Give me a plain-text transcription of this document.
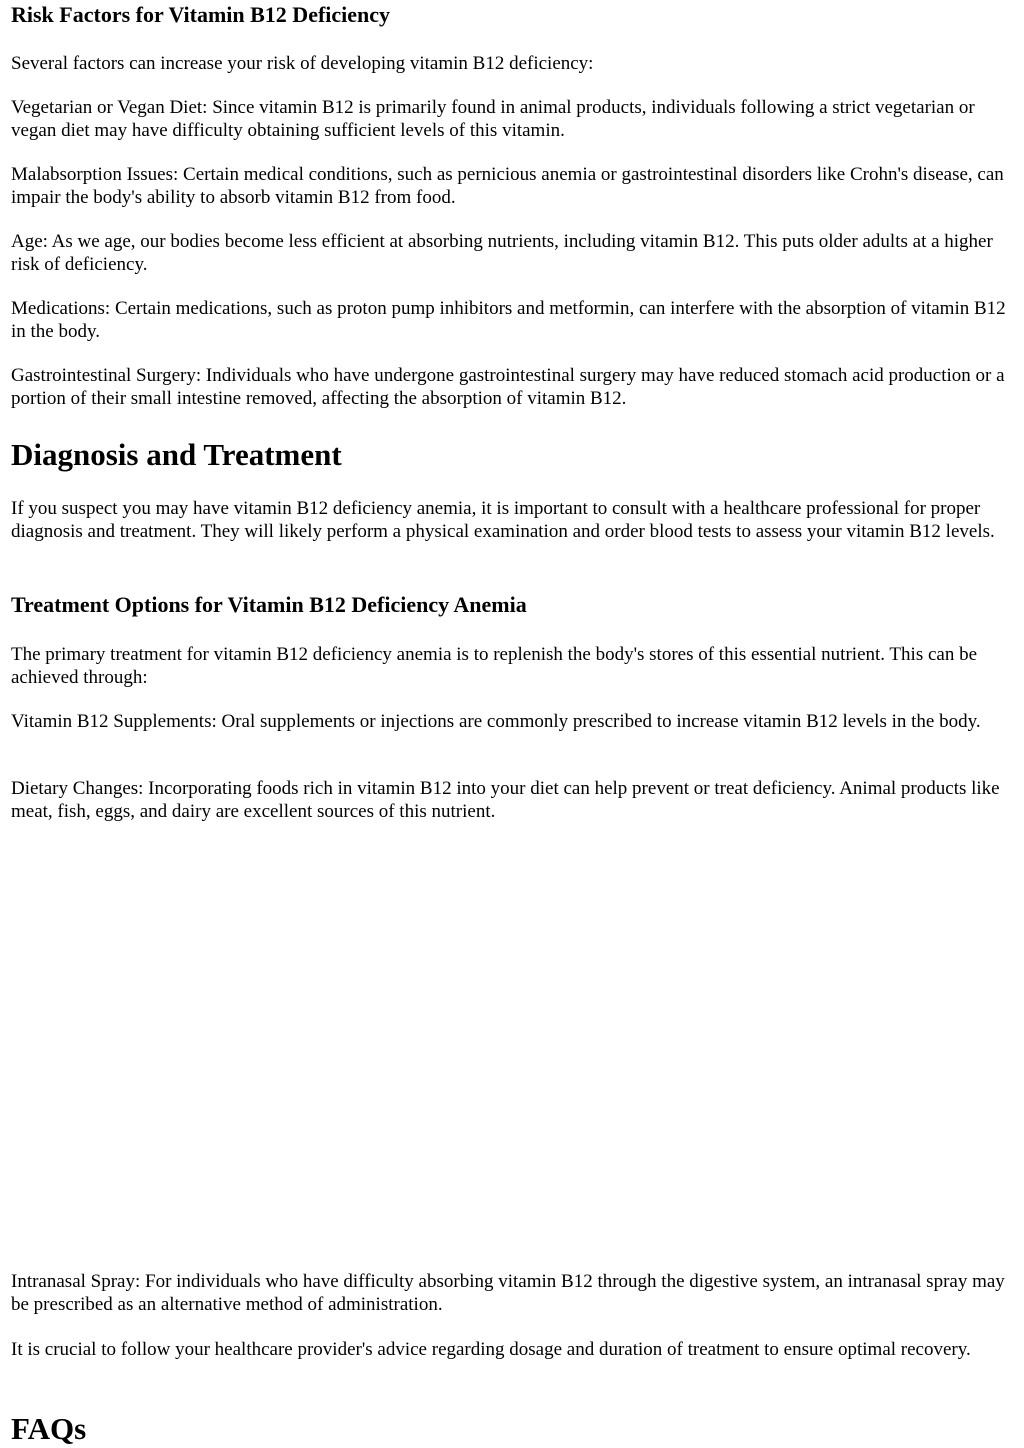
Risk Factors for Vitamin B12 Deficiency

Several factors can increase your risk of developing vitamin B12 deficiency:

Vegetarian or Vegan Diet: Since vitamin B12 is primarily found in animal products, individuals following a strict vegetarian or vegan diet may have difficulty obtaining sufficient levels of this vitamin.

Malabsorption Issues: Certain medical conditions, such as pernicious anemia or gastrointestinal disorders like Crohn's disease, can impair the body's ability to absorb vitamin B12 from food.

Age: As we age, our bodies become less efficient at absorbing nutrients, including vitamin B12. This puts older adults at a higher risk of deficiency.

Medications: Certain medications, such as proton pump inhibitors and metformin, can interfere with the absorption of vitamin B12 in the body.

Gastrointestinal Surgery: Individuals who have undergone gastrointestinal surgery may have reduced stomach acid production or a portion of their small intestine removed, affecting the absorption of vitamin B12.

Diagnosis and Treatment

If you suspect you may have vitamin B12 deficiency anemia, it is important to consult with a healthcare professional for proper diagnosis and treatment. They will likely perform a physical examination and order blood tests to assess your vitamin B12 levels.

Treatment Options for Vitamin B12 Deficiency Anemia

The primary treatment for vitamin B12 deficiency anemia is to replenish the body's stores of this essential nutrient. This can be achieved through:

Vitamin B12 Supplements: Oral supplements or injections are commonly prescribed to increase vitamin B12 levels in the body.

Dietary Changes: Incorporating foods rich in vitamin B12 into your diet can help prevent or treat deficiency. Animal products like meat, fish, eggs, and dairy are excellent sources of this nutrient.

Intranasal Spray: For individuals who have difficulty absorbing vitamin B12 through the digestive system, an intranasal spray may be prescribed as an alternative method of administration.

It is crucial to follow your healthcare provider's advice regarding dosage and duration of treatment to ensure optimal recovery.

FAQs
